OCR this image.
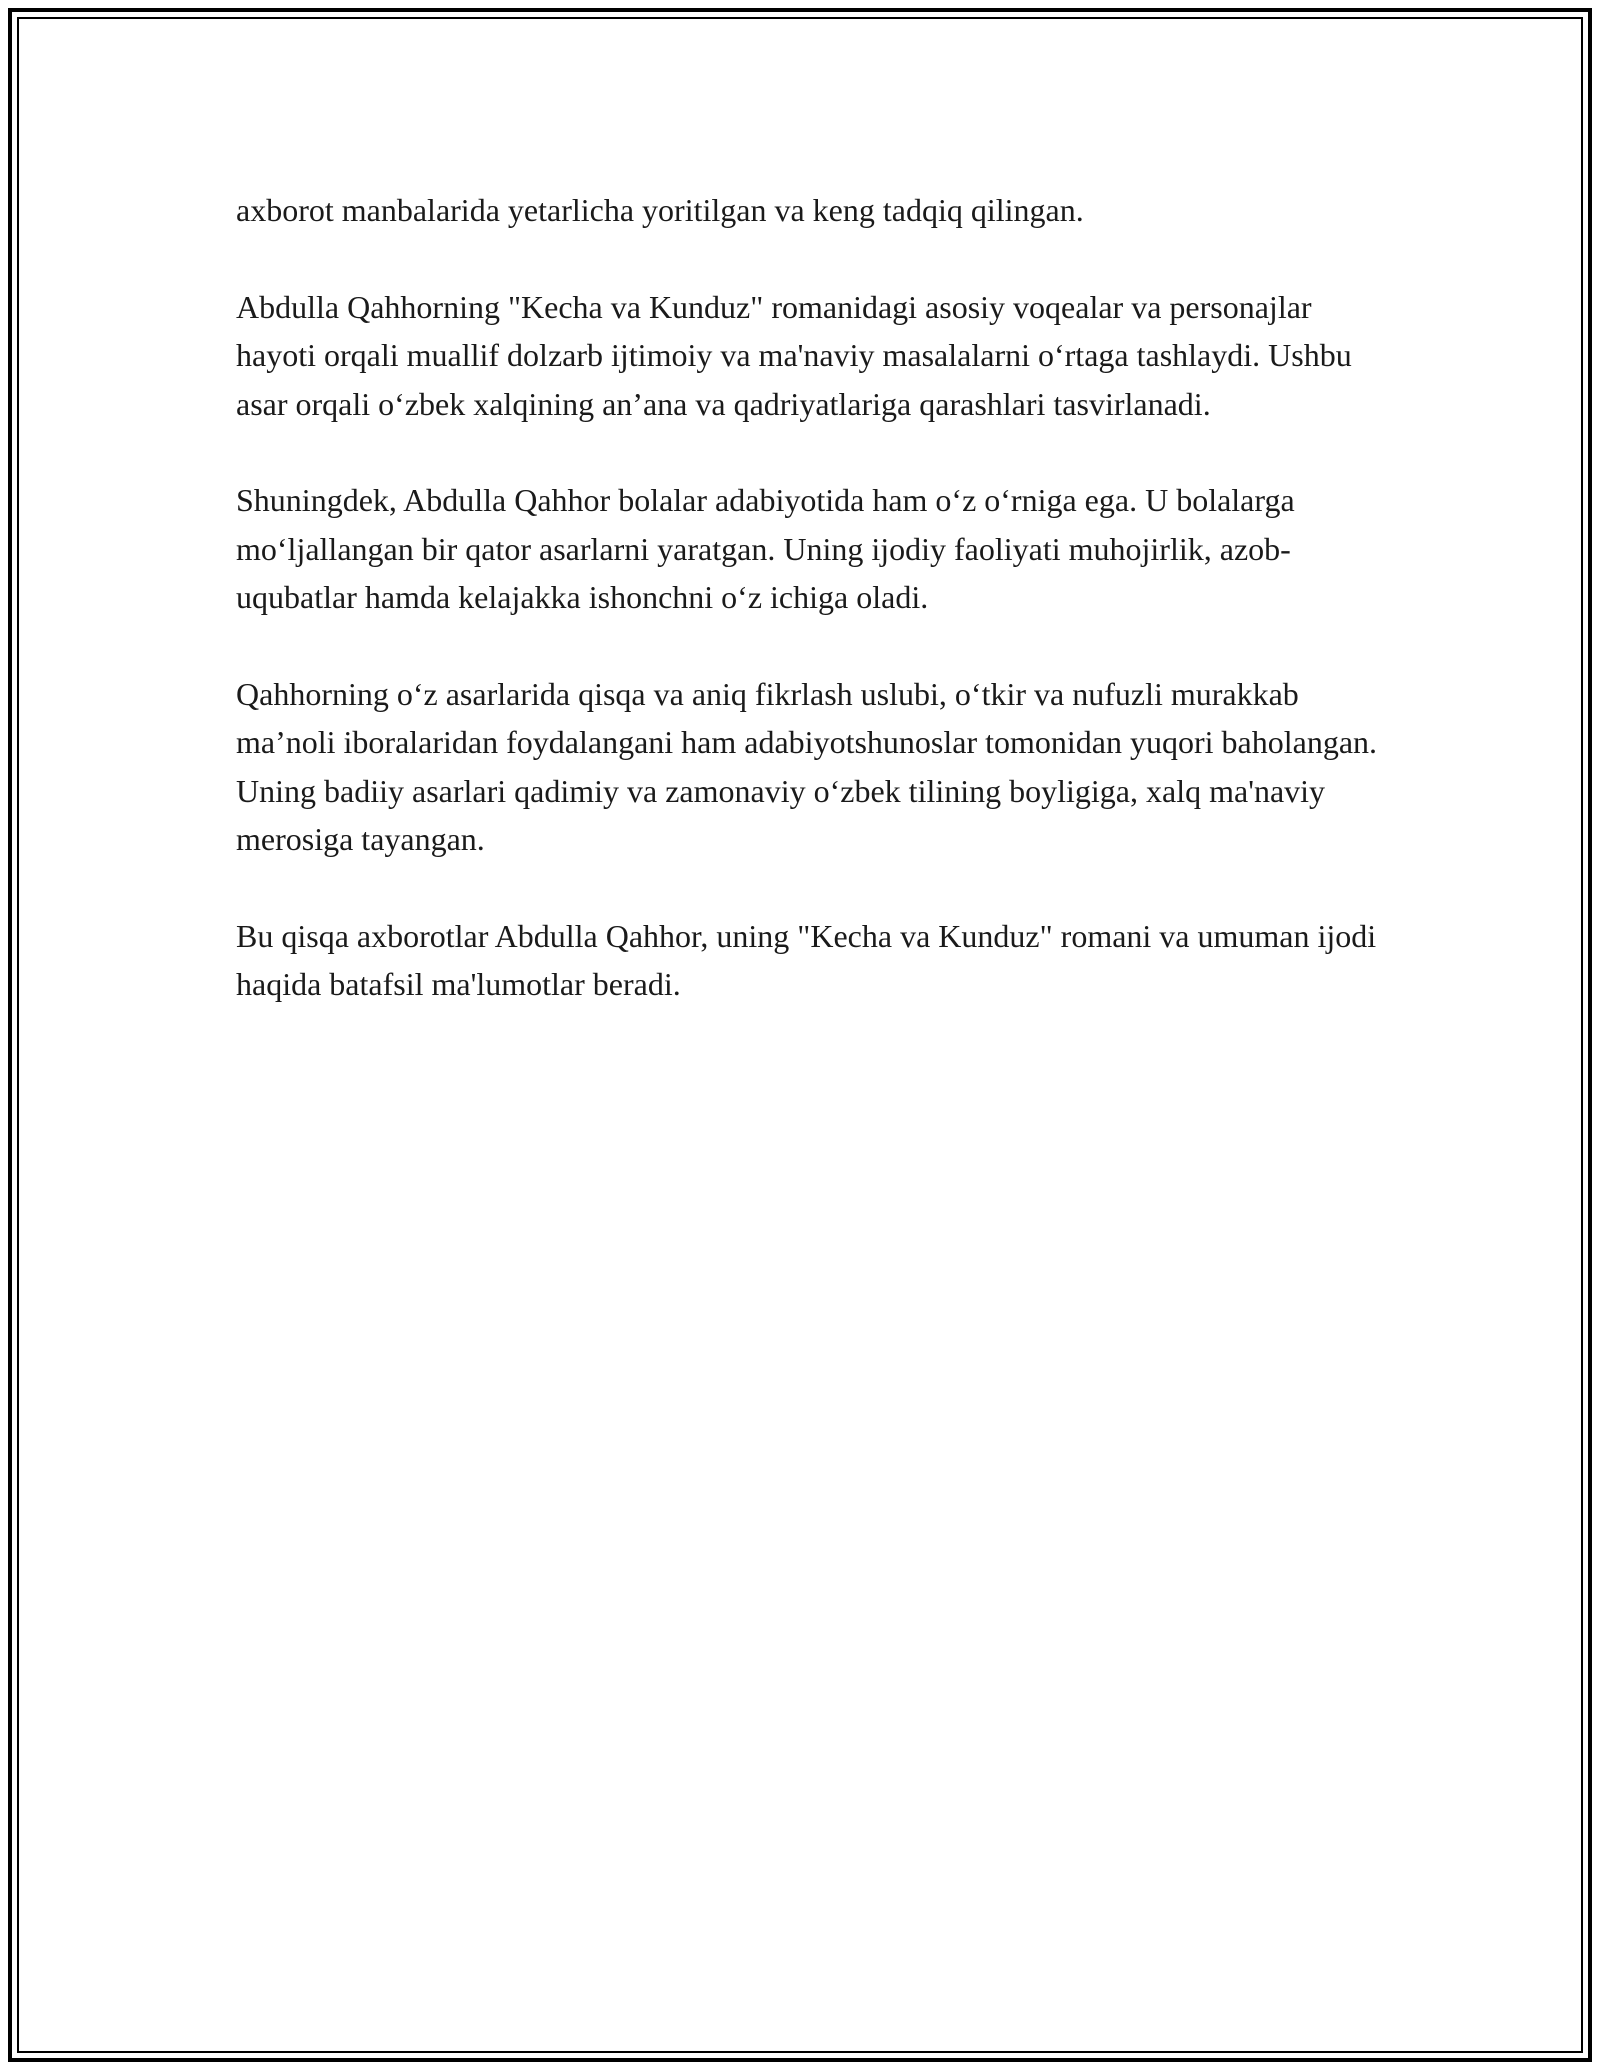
axborot manbalarida yetarlicha yoritilgan va keng tadqiq qilingan.

Abdulla Qahhorning "Kecha va Kunduz" romanidagi asosiy voqealar va personajlar hayoti orqali muallif dolzarb ijtimoiy va ma'naviy masalalarni o‘rtaga tashlaydi. Ushbu asar orqali o‘zbek xalqining an’ana va qadriyatlariga qarashlari tasvirlanadi.

Shuningdek, Abdulla Qahhor bolalar adabiyotida ham o‘z o‘rniga ega. U bolalarga mo‘ljallangan bir qator asarlarni yaratgan. Uning ijodiy faoliyati muhojirlik, azob-uqubatlar hamda kelajakka ishonchni o‘z ichiga oladi.

Qahhorning o‘z asarlarida qisqa va aniq fikrlash uslubi, o‘tkir va nufuzli murakkab ma’noli iboralaridan foydalangani ham adabiyotshunoslar tomonidan yuqori baholangan. Uning badiiy asarlari qadimiy va zamonaviy o‘zbek tilining boyligiga, xalq ma'naviy merosiga tayangan.

Bu qisqa axborotlar Abdulla Qahhor, uning "Kecha va Kunduz" romani va umuman ijodi haqida batafsil ma'lumotlar beradi.
